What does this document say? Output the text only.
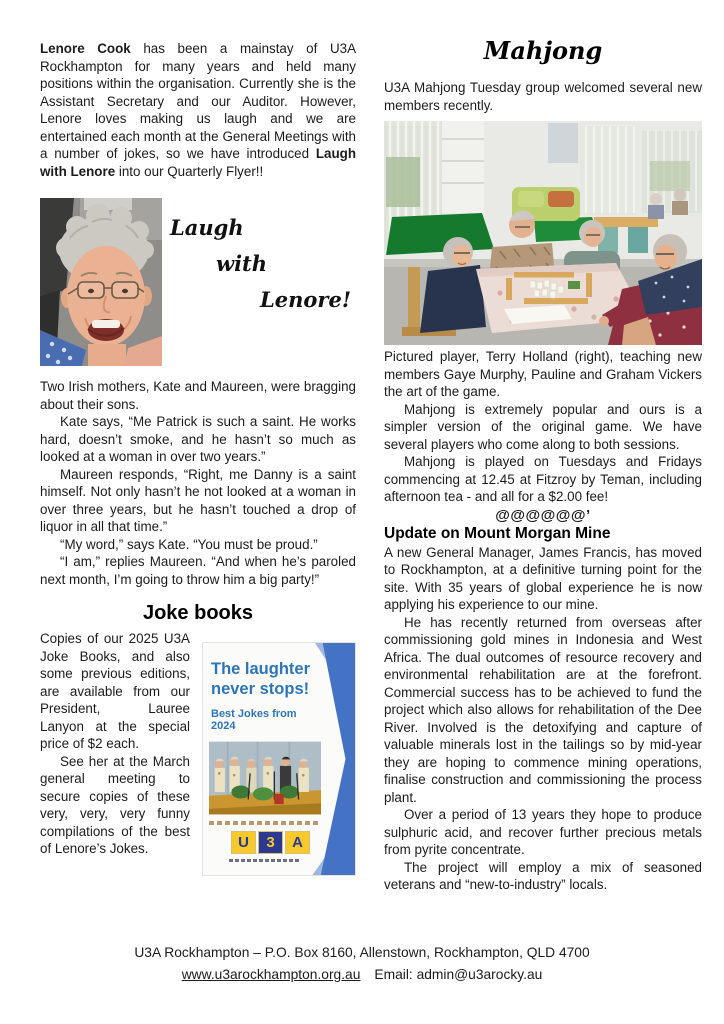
Lenore Cook has been a mainstay of U3A Rockhampton for many years and held many positions within the organisation. Currently she is the Assistant Secretary and our Auditor. However, Lenore loves making us laugh and we are entertained each month at the General Meetings with a number of jokes, so we have introduced Laugh with Lenore into our Quarterly Flyer!!

Laugh
with
Lenore!

Two Irish mothers, Kate and Maureen, were bragging about their sons.

Kate says, “Me Patrick is such a saint. He works hard, doesn’t smoke, and he hasn’t so much as looked at a woman in over two years.”

Maureen responds, “Right, me Danny is a saint himself. Not only hasn’t he not looked at a woman in over three years, but he hasn’t touched a drop of liquor in all that time.”

“My word,” says Kate. “You must be proud.”

“I am,” replies Maureen. “And when he’s paroled next month, I’m going to throw him a big party!”

Joke books

Copies of our 2025 U3A Joke Books, and also some previous editions, are available from our President, Lauree Lanyon at the special price of $2 each.

See her at the March general meeting to secure copies of these very, very, very funny compilations of the best of Lenore’s Jokes.

The laughter
never stops!
Best Jokes from 2024
U	3	A
Mahjong

U3A Mahjong Tuesday group welcomed several new members recently.

Pictured player, Terry Holland (right), teaching new members Gaye Murphy, Pauline and Graham Vickers the art of the game.

Mahjong is extremely popular and ours is a simpler version of the original game. We have several players who come along to both sessions.

Mahjong is played on Tuesdays and Fridays commencing at 12.45 at Fitzroy by Teman, including afternoon tea - and all for a $2.00 fee!

@@@@@@’
Update on Mount Morgan Mine

A new General Manager, James Francis, has moved to Rockhampton, at a definitive turning point for the site. With 35 years of global experience he is now applying his experience to our mine.

He has recently returned from overseas after commissioning gold mines in Indonesia and West Africa. The dual outcomes of resource recovery and environmental rehabilitation are at the forefront. Commercial success has to be achieved to fund the project which also allows for rehabilitation of the Dee River. Involved is the detoxifying and capture of valuable minerals lost in the tailings so by mid-year they are hoping to commence mining operations, finalise construction and commissioning the process plant.

Over a period of 13 years they hope to produce sulphuric acid, and recover further precious metals from pyrite concentrate.

The project will employ a mix of seasoned veterans and “new-to-industry” locals.

U3A Rockhampton – P.O. Box 8160, Allenstown, Rockhampton, QLD 4700
www.u3arockhampton.org.au Email: admin@u3arocky.au
